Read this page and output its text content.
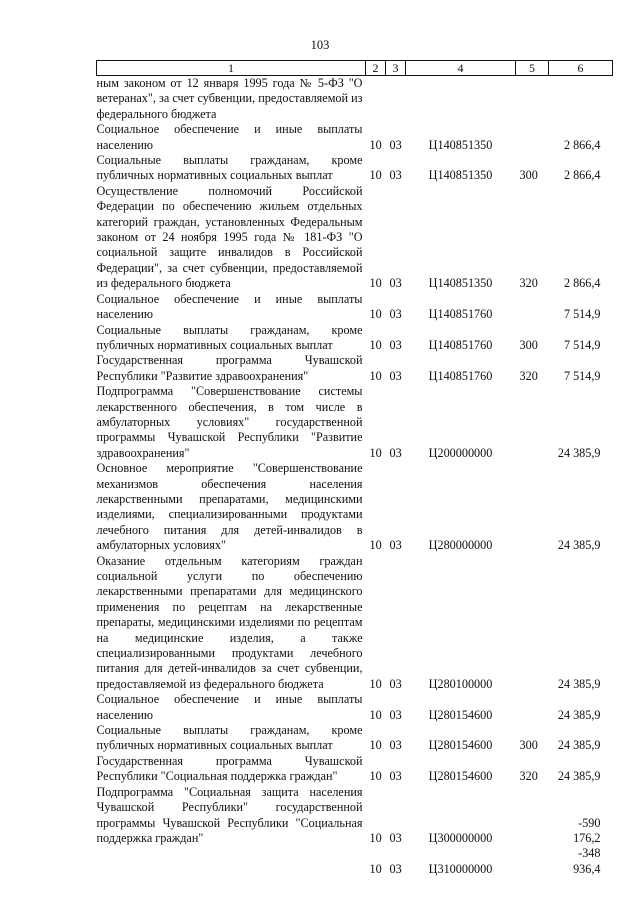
103
1	2	3	4	5	6
ным законом от 12 января 1995 года № 5-ФЗ "О ветеранах", за счет субвенции, предоставляемой из федерального бюджета					
Социальное обеспечение и иные выплаты населению	10	03	Ц140851350		2 866,4
Социальные выплаты гражданам, кроме публичных нормативных социальных выплат	10	03	Ц140851350	300	2 866,4
Осуществление полномочий Российской Федерации по обеспечению жильем отдельных категорий граждан, установленных Федеральным законом от 24 ноября 1995 года № 181-ФЗ "О социальной защите инвалидов в Российской Федерации", за счет субвенции, предоставляемой из федерального бюджета	10	03	Ц140851350	320	2 866,4
Социальное обеспечение и иные выплаты населению	10	03	Ц140851760		7 514,9
Социальные выплаты гражданам, кроме публичных нормативных социальных выплат	10	03	Ц140851760	300	7 514,9
Государственная программа Чувашской Республики "Развитие здравоохранения"	10	03	Ц140851760	320	7 514,9
Подпрограмма "Совершенствование системы лекарственного обеспечения, в том числе в амбулаторных условиях" государственной программы Чувашской Республики "Развитие здравоохранения"	10	03	Ц200000000		24 385,9
Основное мероприятие "Совершенствование механизмов обеспечения населения лекарственными препаратами, медицинскими изделиями, специализированными продуктами лечебного питания для детей-инвалидов в амбулаторных условиях"	10	03	Ц280000000		24 385,9
Оказание отдельным категориям граждан социальной услуги по обеспечению лекарственными препаратами для медицинского применения по рецептам на лекарственные препараты, медицинскими изделиями по рецептам на медицинские изделия, а также специализированными продуктами лечебного питания для детей-инвалидов за счет субвенции, предоставляемой из федерального бюджета	10	03	Ц280100000		24 385,9
Социальное обеспечение и иные выплаты населению	10	03	Ц280154600		24 385,9
Социальные выплаты гражданам, кроме публичных нормативных социальных выплат	10	03	Ц280154600	300	24 385,9
Государственная программа Чувашской Республики "Социальная поддержка граждан"	10	03	Ц280154600	320	24 385,9
Подпрограмма "Социальная защита населения Чувашской Республики" государственной программы Чувашской Республики "Социальная поддержка граждан"	10	03	Ц300000000		-590 176,2
	10	03	Ц310000000		-348 936,4
